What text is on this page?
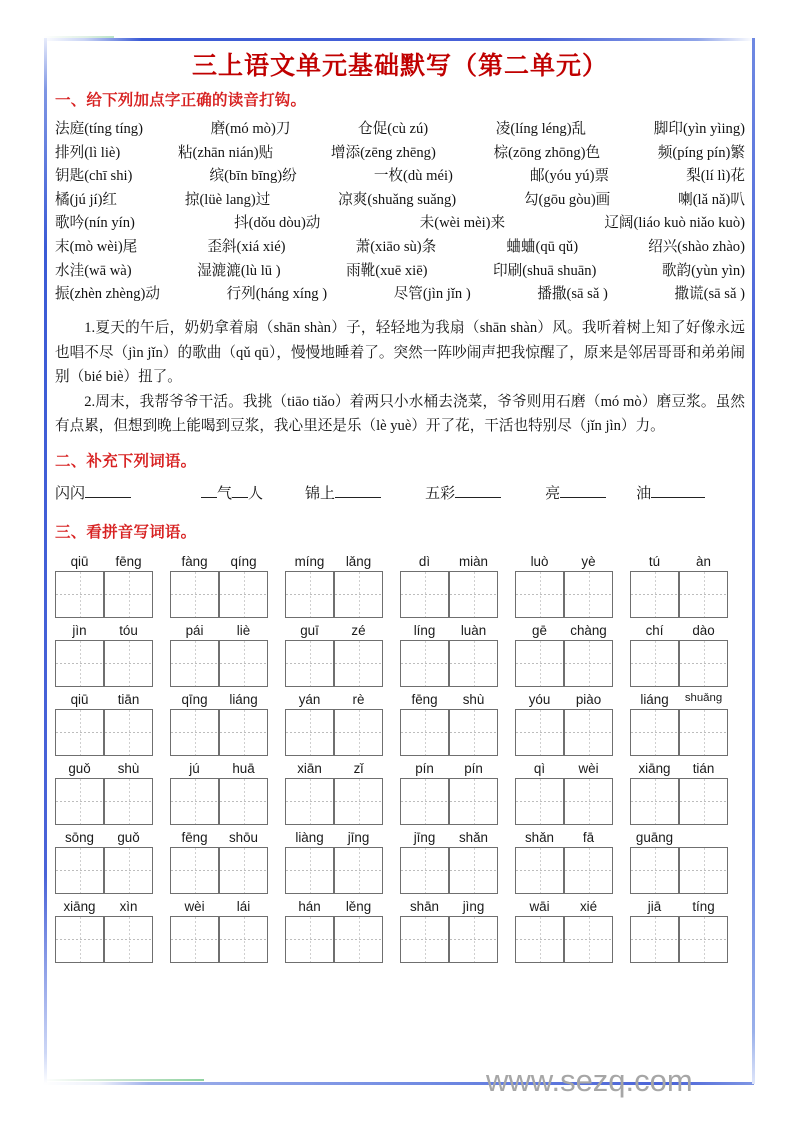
三上语文单元基础默写（第二单元）
一、给下列加点字正确的读音打钩。
法庭(tíng tíng)	磨(mó mò)刀	仓促(cù zú)	凌(líng léng)乱	脚印(yìn yìing)
排列(lì liè)	粘(zhān nián)贴	增添(zēng zhēng)	棕(zōng zhōng)色	频(píng pín)繁
钥匙(chī shi)	缤(bīn bīng)纷	一枚(dù méi)	邮(yóu yú)票	梨(lí lì)花
橘(jú jí)红	掠(lüè lang)过	凉爽(shuǎng suǎng)	勾(gōu gòu)画	喇(lǎ nǎ)叭
歌吟(nín yín)	抖(dǒu dòu)动	未(wèi mèi)来	辽阔(liáo kuò niǎo kuò)
末(mò wèi)尾	歪斜(xiá xié)	萧(xiāo sù)条	蛐蛐(qū qǔ)	绍兴(shào zhào)
水洼(wā wà)	湿漉漉(lù lū )	雨靴(xuē xiē)	印刷(shuā shuān)	歌韵(yùn yìn)
振(zhèn zhèng)动	行列(háng xíng )	尽管(jìn jǐn )	播撒(sā sǎ )	撒谎(sā sǎ )

1.夏天的午后，奶奶拿着扇（shān shàn）子，轻轻地为我扇（shān shàn）风。我听着树上知了好像永远也唱不尽（jìn jǐn）的歌曲（qǔ qū），慢慢地睡着了。突然一阵吵闹声把我惊醒了，原来是邻居哥哥和弟弟闹别（bié biè）扭了。

2.周末，我帮爷爷干活。我挑（tiāo tiǎo）着两只小水桶去浇菜，爷爷则用石磨（mó mò）磨豆浆。虽然有点累，但想到晚上能喝到豆浆，我心里还是乐（lè yuè）开了花，干活也特别尽（jǐn jìn）力。

二、补充下列词语。
闪闪	气 人	锦上	五彩	亮	油
三、看拼音写词语。
qiū	fēng	fàng	qíng	míng	lǎng	dì	miàn	luò	yè	tú	àn
jìn	tóu	pái	liè	guī	zé	líng	luàn	gē	chàng	chí	dào
qiū	tiān	qīng	liáng	yán	rè	fēng	shù	yóu	piào	liáng	shuǎng
guǒ	shù	jú	huā	xiān	zǐ	pín	pín	qì	wèi	xiāng	tián
sōng	guǒ	fēng	shōu	liàng	jīng	jīng	shǎn	shǎn	fā	guāng
xiāng	xìn	wèi	lái	hán	lěng	shān	jìng	wāi	xié	jiā	tíng
www.sezq.com
